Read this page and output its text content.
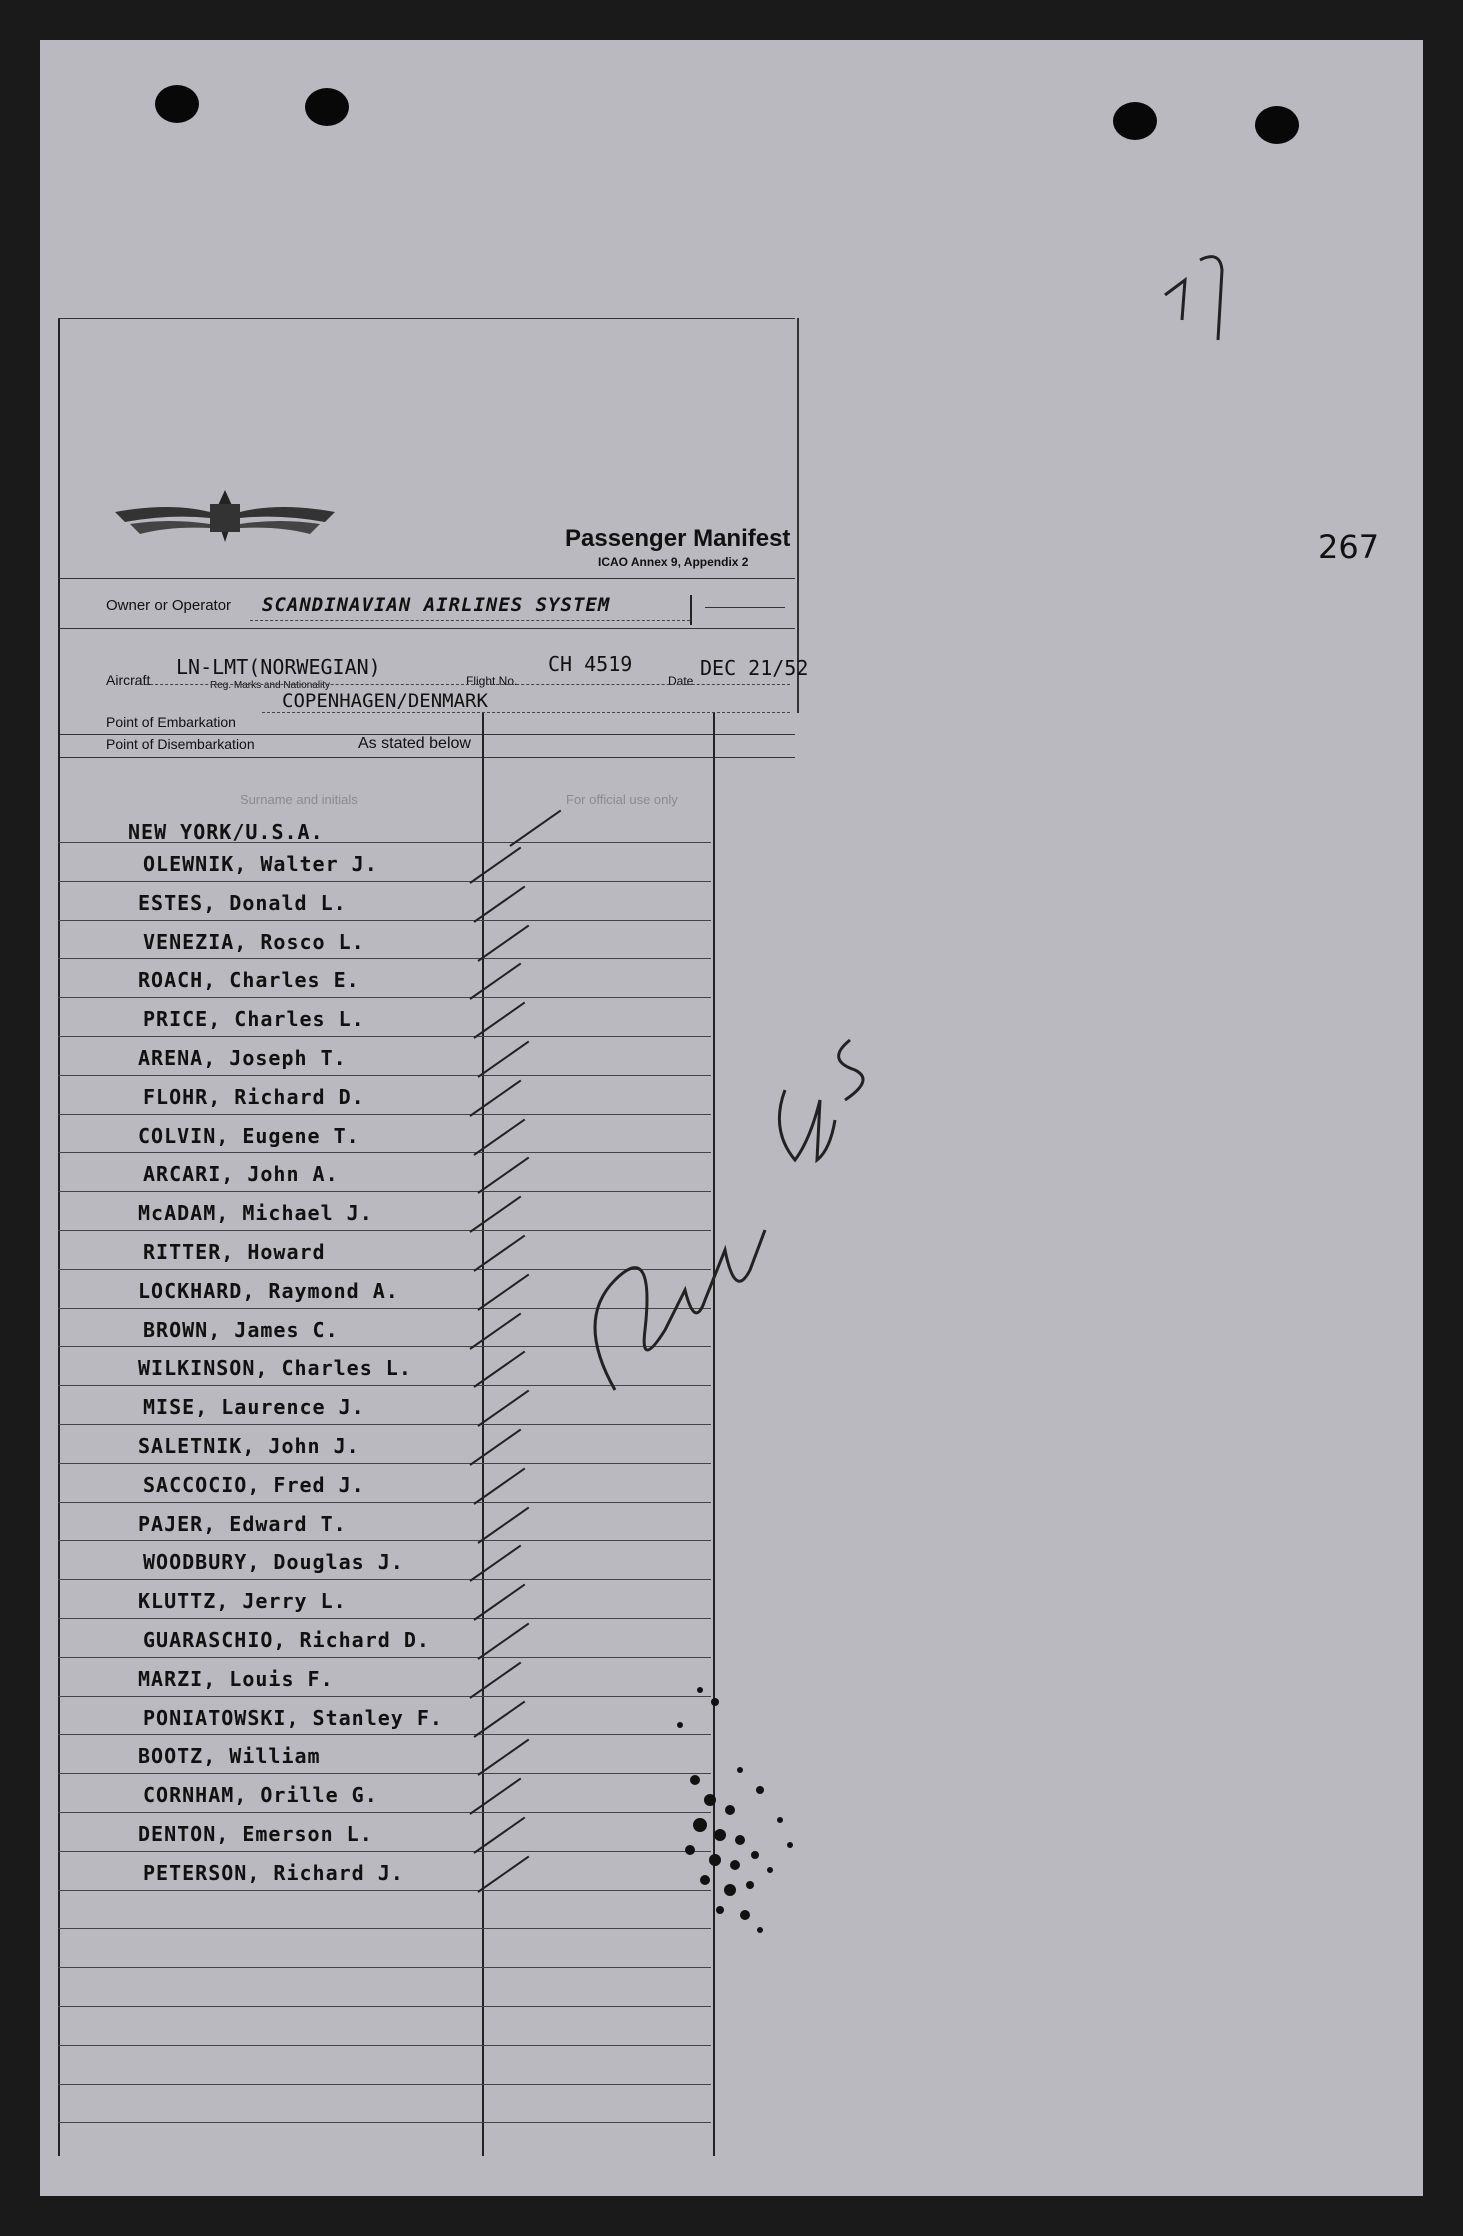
267
Passenger Manifest
ICAO Annex 9, Appendix 2
Owner or Operator SCANDINAVIAN AIRLINES SYSTEM
Aircraft
LN-LMT(NORWEGIAN)
Reg. Marks and Nationality	Flight No.
CH 4519
Date
DEC 21/52
COPENHAGEN/DENMARK
Point of Embarkation
Point of Disembarkation	As stated below
Surname and initials	For official use only
OLEWNIK, Walter J.
ESTES, Donald L.
VENEZIA, Rosco L.
ROACH, Charles E.
PRICE, Charles L.
ARENA, Joseph T.
FLOHR, Richard D.
COLVIN, Eugene T.
ARCARI, John A.
McADAM, Michael J.
RITTER, Howard
LOCKHARD, Raymond A.
BROWN, James C.
WILKINSON, Charles L.
MISE, Laurence J.
SALETNIK, John J.
SACCOCIO, Fred J.
PAJER, Edward T.
WOODBURY, Douglas J.
KLUTTZ, Jerry L.
GUARASCHIO, Richard D.
MARZI, Louis F.
PONIATOWSKI, Stanley F.
BOOTZ, William
CORNHAM, Orille G.
DENTON, Emerson L.
PETERSON, Richard J.
NEW YORK/U.S.A.
